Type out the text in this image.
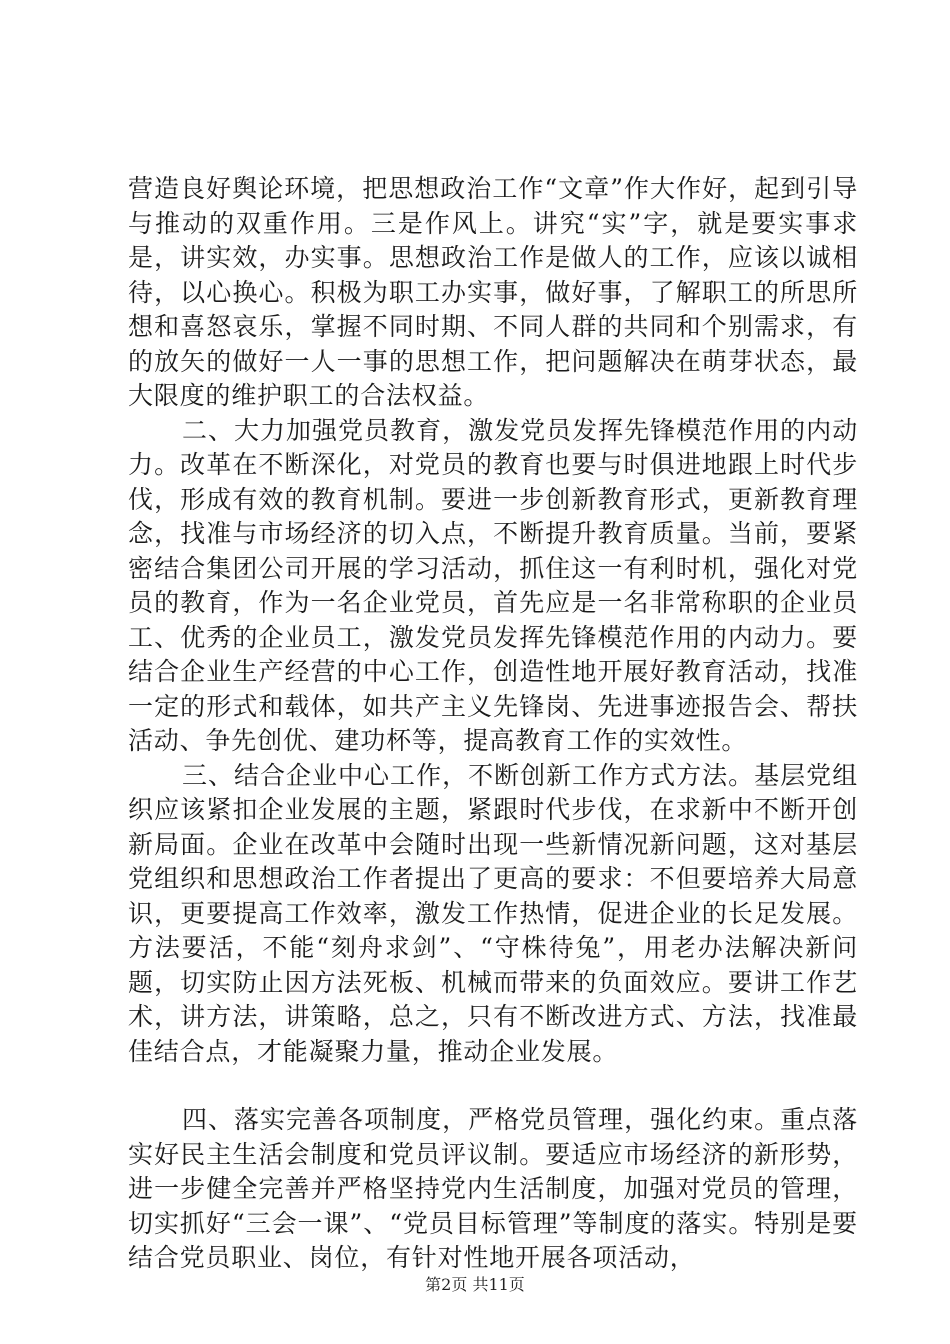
营造良好舆论环境，把思想政治工作“文章”作大作好，起到引导与推动的双重作用。三是作风上。讲究“实”字，就是要实事求是，讲实效，办实事。思想政治工作是做人的工作，应该以诚相待，以心换心。积极为职工办实事，做好事，了解职工的所思所想和喜怒哀乐，掌握不同时期、不同人群的共同和个别需求，有的放矢的做好一人一事的思想工作，把问题解决在萌芽状态，最大限度的维护职工的合法权益。

二、大力加强党员教育，激发党员发挥先锋模范作用的内动力。改革在不断深化，对党员的教育也要与时俱进地跟上时代步伐，形成有效的教育机制。要进一步创新教育形式，更新教育理念，找准与市场经济的切入点，不断提升教育质量。当前，要紧密结合集团公司开展的学习活动，抓住这一有利时机，强化对党员的教育，作为一名企业党员，首先应是一名非常称职的企业员工、优秀的企业员工，激发党员发挥先锋模范作用的内动力。要结合企业生产经营的中心工作，创造性地开展好教育活动，找准一定的形式和载体，如共产主义先锋岗、先进事迹报告会、帮扶活动、争先创优、建功杯等，提高教育工作的实效性。

三、结合企业中心工作，不断创新工作方式方法。基层党组织应该紧扣企业发展的主题，紧跟时代步伐，在求新中不断开创新局面。企业在改革中会随时出现一些新情况新问题，这对基层党组织和思想政治工作者提出了更高的要求：不但要培养大局意识，更要提高工作效率，激发工作热情，促进企业的长足发展。方法要活，不能“刻舟求剑”、“守株待兔”，用老办法解决新问题，切实防止因方法死板、机械而带来的负面效应。要讲工作艺术，讲方法，讲策略，总之，只有不断改进方式、方法，找准最佳结合点，才能凝聚力量，推动企业发展。

四、落实完善各项制度，严格党员管理，强化约束。重点落实好民主生活会制度和党员评议制。要适应市场经济的新形势，进一步健全完善并严格坚持党内生活制度，加强对党员的管理，切实抓好“三会一课”、“党员目标管理”等制度的落实。特别是要结合党员职业、岗位，有针对性地开展各项活动，

第2页 共11页
